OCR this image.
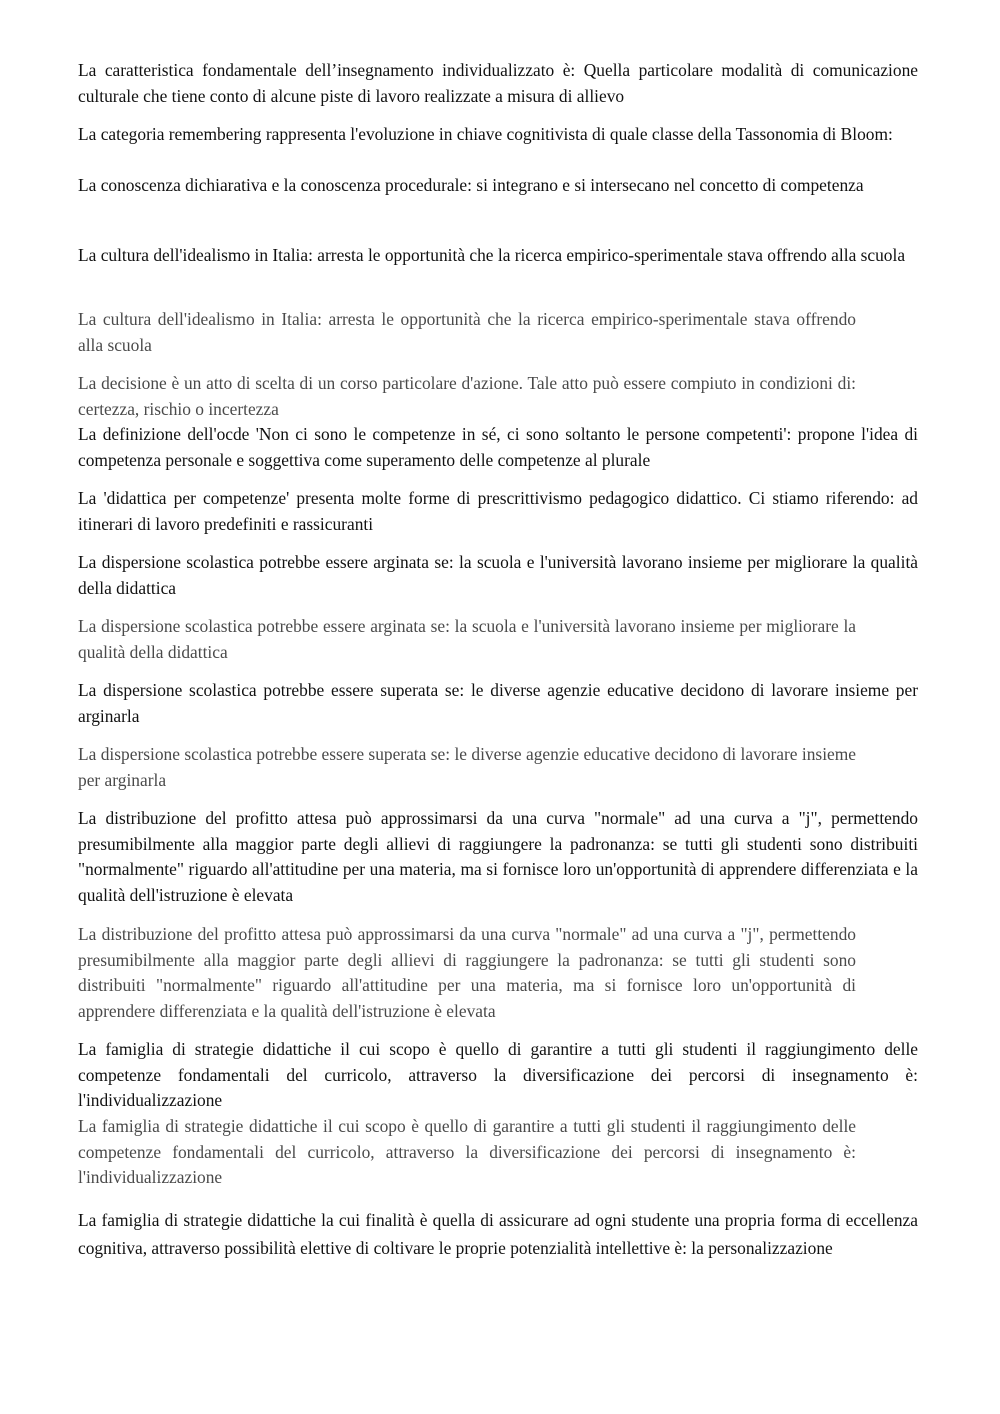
La caratteristica fondamentale dell’insegnamento individualizzato è: Quella particolare modalità di comunicazione culturale che tiene conto di alcune piste di lavoro realizzate a misura di allievo

La categoria remembering rappresenta l'evoluzione in chiave cognitivista di quale classe della Tassonomia di Bloom:

La conoscenza dichiarativa e la conoscenza procedurale: si integrano e si intersecano nel concetto di competenza

La cultura dell'idealismo in Italia: arresta le opportunità che la ricerca empirico-sperimentale stava offrendo alla scuola

La cultura dell'idealismo in Italia: arresta le opportunità che la ricerca empirico-sperimentale stava offrendo alla scuola

La decisione è un atto di scelta di un corso particolare d'azione. Tale atto può essere compiuto in condizioni di: certezza, rischio o incertezza

La definizione dell'ocde 'Non ci sono le competenze in sé, ci sono soltanto le persone competenti': propone l'idea di competenza personale e soggettiva come superamento delle competenze al plurale

La 'didattica per competenze' presenta molte forme di prescrittivismo pedagogico didattico. Ci stiamo riferendo: ad itinerari di lavoro predefiniti e rassicuranti

La dispersione scolastica potrebbe essere arginata se: la scuola e l'università lavorano insieme per migliorare la qualità della didattica

La dispersione scolastica potrebbe essere arginata se: la scuola e l'università lavorano insieme per migliorare la qualità della didattica

La dispersione scolastica potrebbe essere superata se: le diverse agenzie educative decidono di lavorare insieme per arginarla

La dispersione scolastica potrebbe essere superata se: le diverse agenzie educative decidono di lavorare insieme per arginarla

La distribuzione del profitto attesa può approssimarsi da una curva "normale" ad una curva a "j", permettendo presumibilmente alla maggior parte degli allievi di raggiungere la padronanza: se tutti gli studenti sono distribuiti "normalmente" riguardo all'attitudine per una materia, ma si fornisce loro un'opportunità di apprendere differenziata e la qualità dell'istruzione è elevata

La distribuzione del profitto attesa può approssimarsi da una curva "normale" ad una curva a "j", permettendo presumibilmente alla maggior parte degli allievi di raggiungere la padronanza: se tutti gli studenti sono distribuiti "normalmente" riguardo all'attitudine per una materia, ma si fornisce loro un'opportunità di apprendere differenziata e la qualità dell'istruzione è elevata

La famiglia di strategie didattiche il cui scopo è quello di garantire a tutti gli studenti il raggiungimento delle competenze fondamentali del curricolo, attraverso la diversificazione dei percorsi di insegnamento è: l'individualizzazione

La famiglia di strategie didattiche il cui scopo è quello di garantire a tutti gli studenti il raggiungimento delle competenze fondamentali del curricolo, attraverso la diversificazione dei percorsi di insegnamento è: l'individualizzazione

La famiglia di strategie didattiche la cui finalità è quella di assicurare ad ogni studente una propria forma di eccellenza cognitiva, attraverso possibilità elettive di coltivare le proprie potenzialità intellettive è: la personalizzazione
